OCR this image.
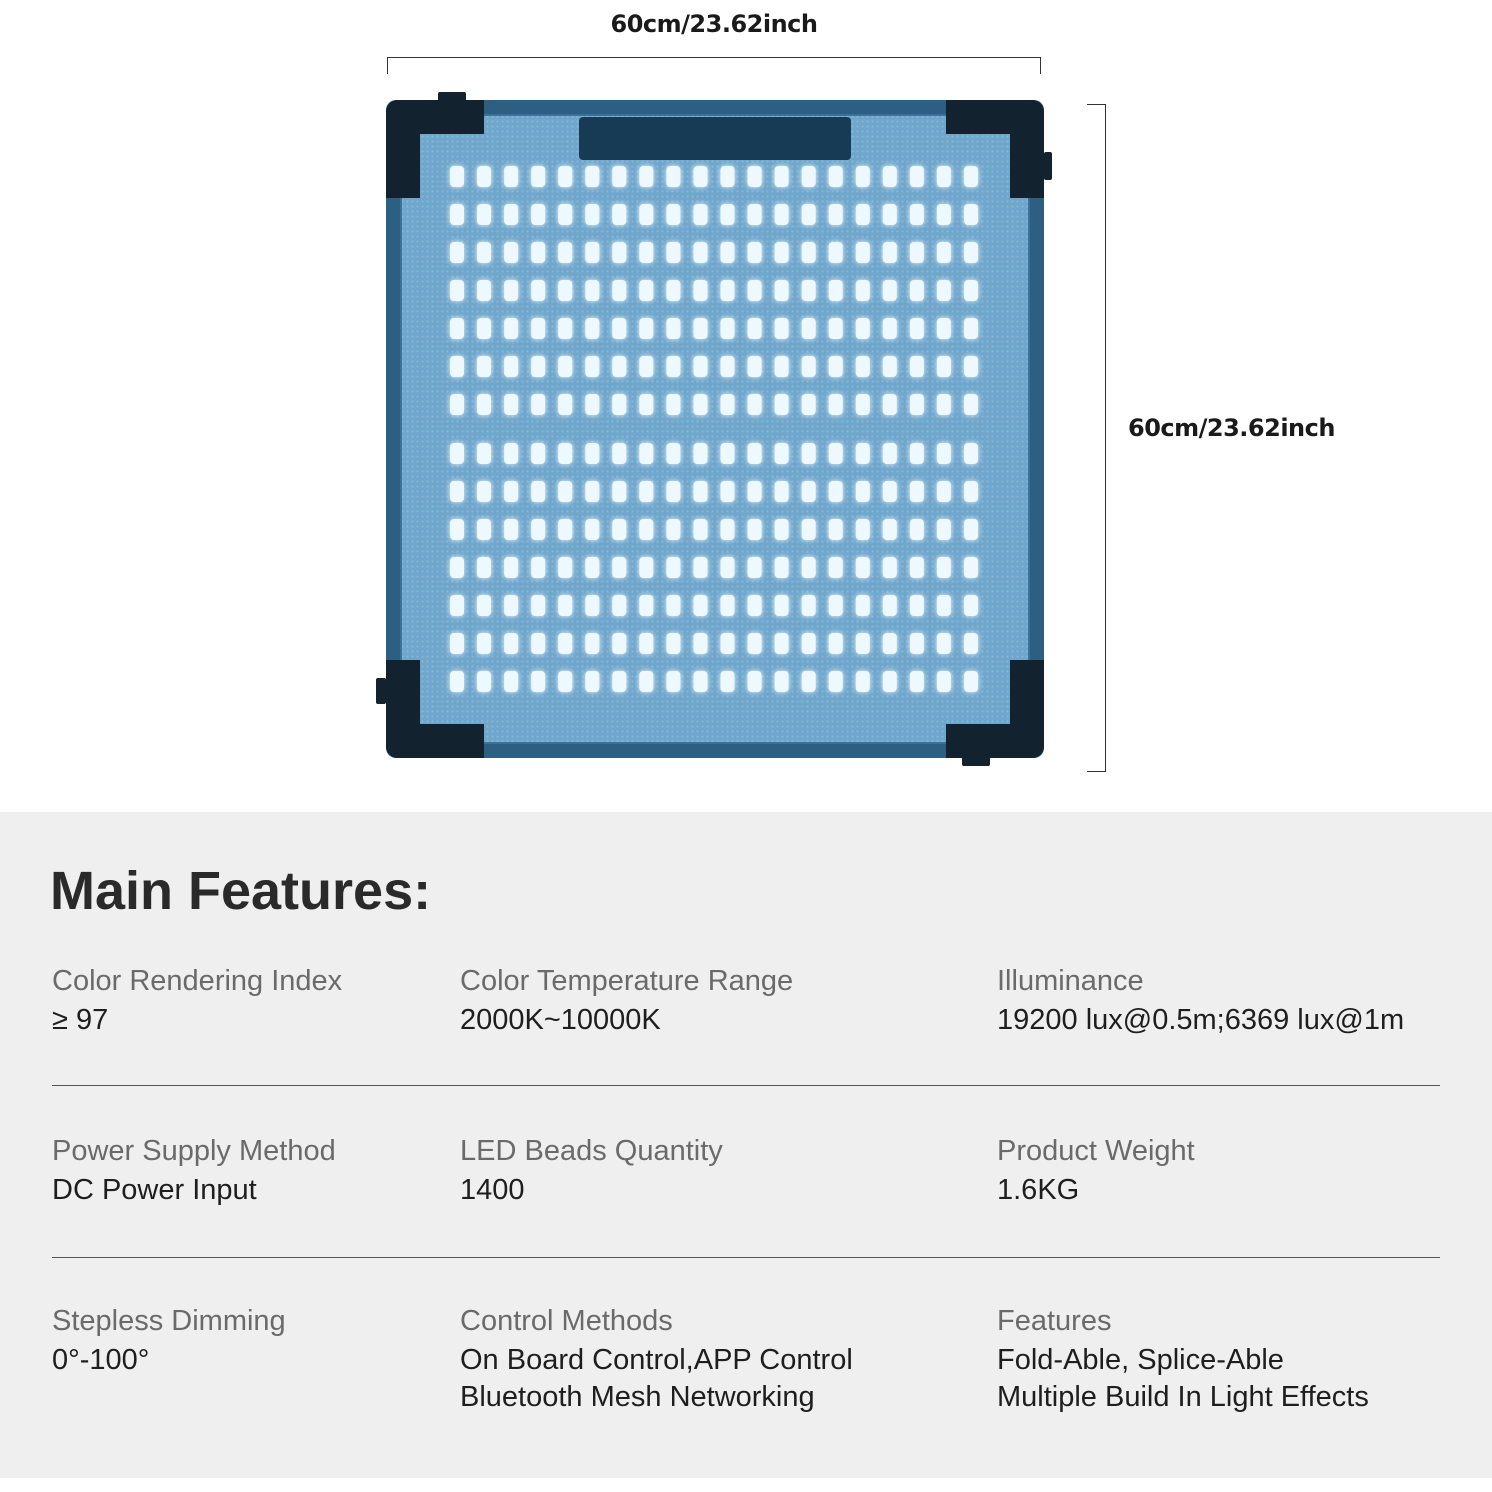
60cm/23.62inch
60cm/23.62inch
Main Features:
Color Rendering Index
≥ 97
Color Temperature Range
2000K~10000K
Illuminance
19200 lux@0.5m;6369 lux@1m
Power Supply Method
DC Power Input
LED Beads Quantity
1400
Product Weight
1.6KG
Stepless Dimming
0°-100°
Control Methods
On Board Control,APP Control
Bluetooth Mesh Networking
Features
Fold-Able, Splice-Able
Multiple Build In Light Effects
